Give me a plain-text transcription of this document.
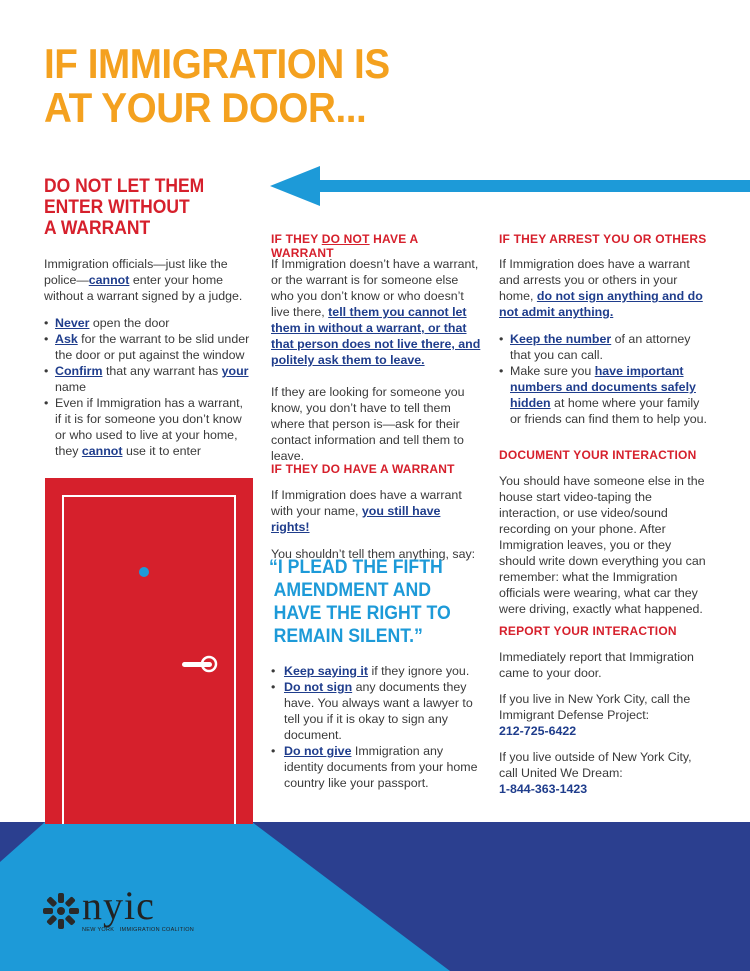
IF IMMIGRATION IS
AT YOUR DOOR...
DO NOT LET THEM
ENTER WITHOUT
A WARRANT

Immigration officials—just like the police—cannot enter your home without a warrant signed by a judge.

• Never open the door
• Ask for the warrant to be slid under the door or put against the window
• Confirm that any warrant has your name
• Even if Immigration has a warrant, if it is for someone you don’t know or who used to live at your home, they cannot use it to enter
IF THEY DO NOT HAVE A WARRANT

If Immigration doesn’t have a warrant, or the warrant is for someone else who you don’t know or who doesn’t live there, tell them you cannot let them in without a warrant, or that that person does not live there, and politely ask them to leave.

If they are looking for someone you know, you don’t have to tell them where that person is—ask for their contact information and tell them to leave.

IF THEY DO HAVE A WARRANT

If Immigration does have a warrant with your name, you still have rights!

You shouldn’t tell them anything, say:

“I PLEAD THE FIFTH
AMENDMENT AND
HAVE THE RIGHT TO
REMAIN SILENT.”
• Keep saying it if they ignore you.
• Do not sign any documents they have. You always want a lawyer to tell you if it is okay to sign any document.
• Do not give Immigration any identity documents from your home country like your passport.
IF THEY ARREST YOU OR OTHERS

If Immigration does have a warrant and arrests you or others in your home, do not sign anything and do not admit anything.

• Keep the number of an attorney that you can call.
• Make sure you have important numbers and documents safely hidden at home where your family or friends can find them to help you.
DOCUMENT YOUR INTERACTION

You should have someone else in the house start video-taping the interaction, or use video/sound recording on your phone. After Immigration leaves, you or they should write down everything you can remember: what the Immigration officials were wearing, what car they were driving, exactly what happened.

REPORT YOUR INTERACTION

Immediately report that Immigration came to your door.

If you live in New York City, call the Immigrant Defense Project:

212-725-6422

If you live outside of New York City, call United We Dream:

1-844-363-1423

nyic
NEW YORK IMMIGRATION COALITION
